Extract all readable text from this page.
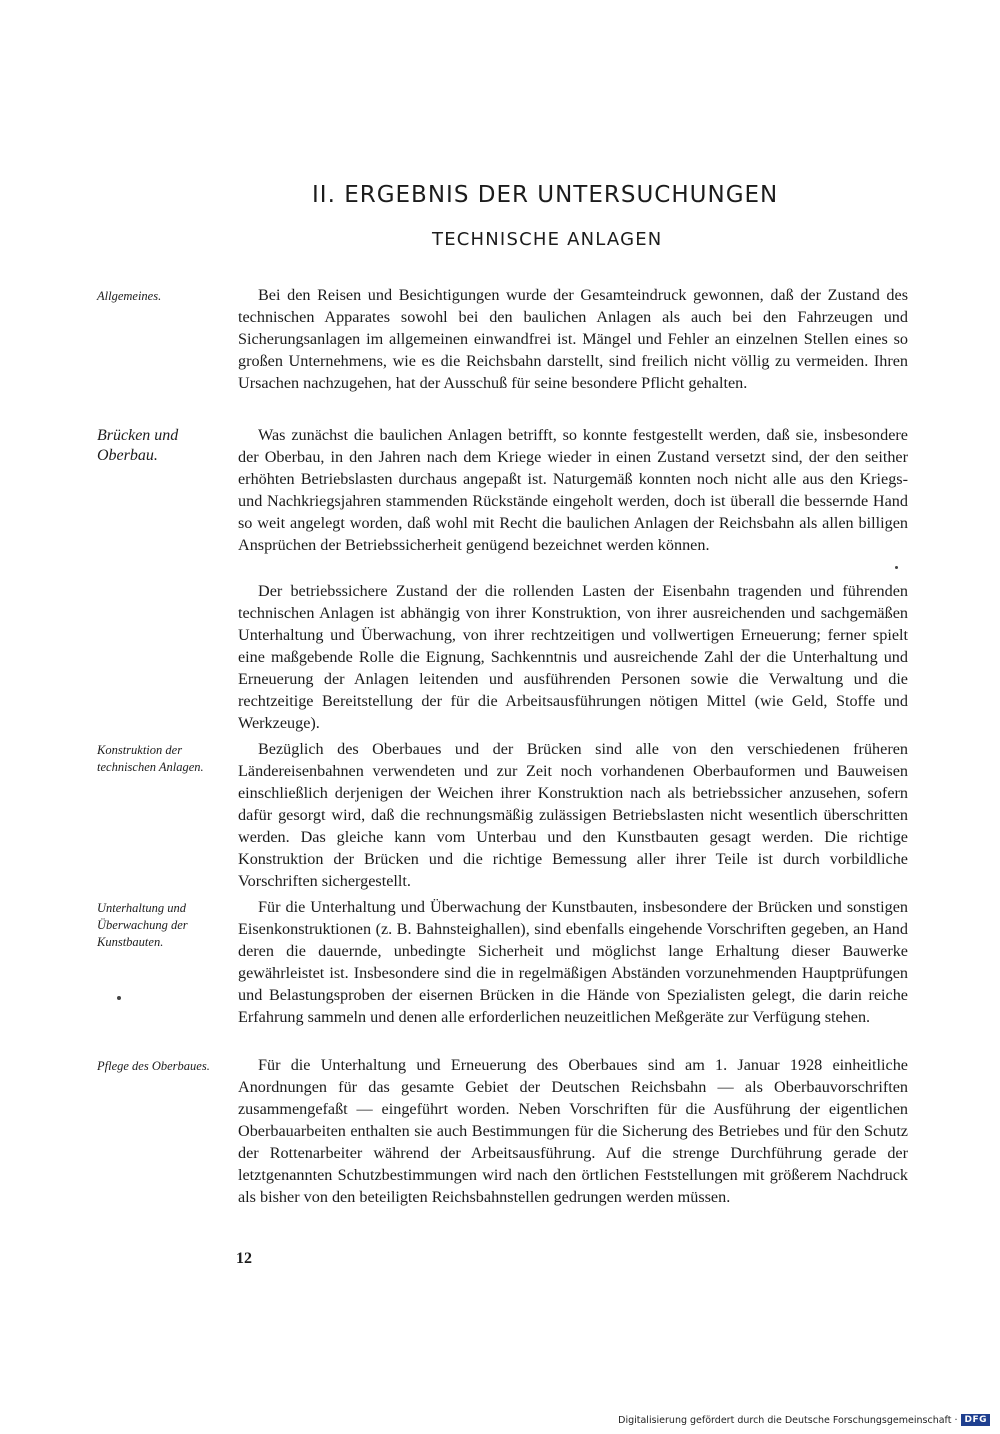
II. ERGEBNIS DER UNTERSUCHUNGEN
TECHNISCHE ANLAGEN
Allgemeines.	Bei den Reisen und Besichtigungen wurde der Gesamteindruck gewonnen, daß der Zustand des technischen Apparates sowohl bei den baulichen Anlagen als auch bei den Fahrzeugen und Sicherungsanlagen im allgemeinen einwandfrei ist. Mängel und Fehler an einzelnen Stellen eines so großen Unternehmens, wie es die Reichsbahn darstellt, sind freilich nicht völlig zu vermeiden. Ihren Ursachen nachzugehen, hat der Ausschuß für seine besondere Pflicht gehalten.

Brücken und Oberbau.

Was zunächst die baulichen Anlagen betrifft, so konnte festgestellt werden, daß sie, insbesondere der Oberbau, in den Jahren nach dem Kriege wieder in einen Zustand versetzt sind, der den seither erhöhten Betriebslasten durchaus angepaßt ist. Naturgemäß konnten noch nicht alle aus den Kriegs- und Nachkriegsjahren stammenden Rückstände eingeholt werden, doch ist überall die bessernde Hand so weit angelegt worden, daß wohl mit Recht die baulichen Anlagen der Reichsbahn als allen billigen Ansprüchen der Betriebssicherheit genügend bezeichnet werden können.

Der betriebssichere Zustand der die rollenden Lasten der Eisenbahn tragenden und führenden technischen Anlagen ist abhängig von ihrer Konstruktion, von ihrer ausreichenden und sachgemäßen Unterhaltung und Überwachung, von ihrer rechtzeitigen und vollwertigen Erneuerung; ferner spielt eine maßgebende Rolle die Eignung, Sachkenntnis und ausreichende Zahl der die Unterhaltung und Erneuerung der Anlagen leitenden und ausführenden Personen sowie die Verwaltung und die rechtzeitige Bereitstellung der für die Arbeitsausführungen nötigen Mittel (wie Geld, Stoffe und Werkzeuge).

Konstruktion der technischen Anlagen.

Bezüglich des Oberbaues und der Brücken sind alle von den verschiedenen früheren Ländereisenbahnen verwendeten und zur Zeit noch vorhandenen Oberbauformen und Bauweisen einschließlich derjenigen der Weichen ihrer Konstruktion nach als betriebssicher anzusehen, sofern dafür gesorgt wird, daß die rechnungsmäßig zulässigen Betriebslasten nicht wesentlich überschritten werden. Das gleiche kann vom Unterbau und den Kunstbauten gesagt werden. Die richtige Konstruktion der Brücken und die richtige Bemessung aller ihrer Teile ist durch vorbildliche Vorschriften sichergestellt.

Unterhaltung und Überwachung der Kunstbauten.

Für die Unterhaltung und Überwachung der Kunstbauten, insbesondere der Brücken und sonstigen Eisenkonstruktionen (z. B. Bahnsteighallen), sind ebenfalls eingehende Vorschriften gegeben, an Hand deren die dauernde, unbedingte Sicherheit und möglichst lange Erhaltung dieser Bauwerke gewährleistet ist. Insbesondere sind die in regelmäßigen Abständen vorzunehmenden Hauptprüfungen und Belastungsproben der eisernen Brücken in die Hände von Spezialisten gelegt, die darin reiche Erfahrung sammeln und denen alle erforderlichen neuzeitlichen Meßgeräte zur Verfügung stehen.

Pflege des Oberbaues.	Für die Unterhaltung und Erneuerung des Oberbaues sind am 1. Januar 1928 einheitliche Anordnungen für das gesamte Gebiet der Deutschen Reichsbahn — als Oberbauvorschriften zusammengefaßt — eingeführt worden. Neben Vorschriften für die Ausführung der eigentlichen Oberbauarbeiten enthalten sie auch Bestimmungen für die Sicherung des Betriebes und für den Schutz der Rottenarbeiter während der Arbeitsausführung. Auf die strenge Durchführung gerade der letztgenannten Schutzbestimmungen wird nach den örtlichen Feststellungen mit größerem Nachdruck als bisher von den beteiligten Reichsbahnstellen gedrungen werden müssen.

12
Digitalisierung gefördert durch die Deutsche Forschungsgemeinschaft · DFG
